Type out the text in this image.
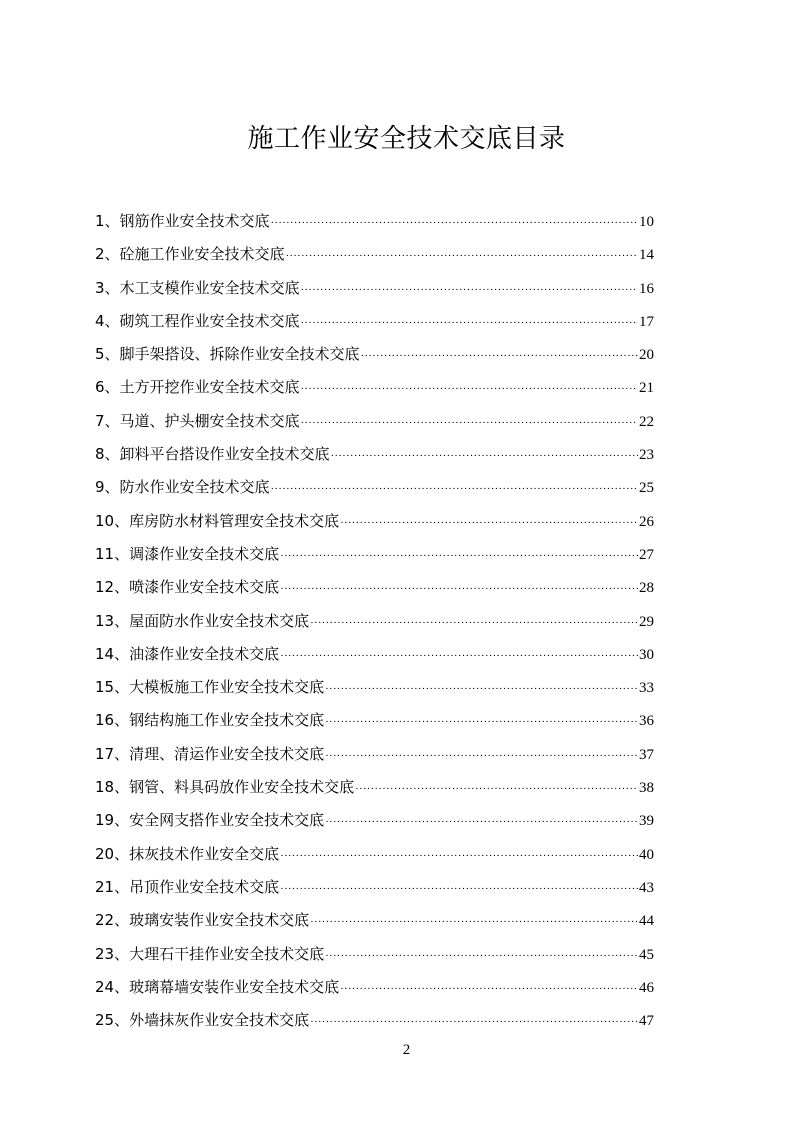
施工作业安全技术交底目录
1、钢筋作业安全技术交底 ·····	10
2、砼施工作业安全技术交底 ·····	14
3、木工支模作业安全技术交底 ·····	16
4、砌筑工程作业安全技术交底 ·····	17
5、脚手架搭设、拆除作业安全技术交底 ·····	20
6、土方开挖作业安全技术交底 ·····	21
7、马道、护头棚安全技术交底 ·····	22
8、卸料平台搭设作业安全技术交底 ·····	23
9、防水作业安全技术交底 ·····	25
10、库房防水材料管理安全技术交底 ·····	26
11、调漆作业安全技术交底 ·····	27
12、喷漆作业安全技术交底 ·····	28
13、屋面防水作业安全技术交底 ·····	29
14、油漆作业安全技术交底 ·····	30
15、大模板施工作业安全技术交底 ·····	33
16、钢结构施工作业安全技术交底 ·····	36
17、清理、清运作业安全技术交底 ·····	37
18、钢管、料具码放作业安全技术交底 ·····	38
19、安全网支搭作业安全技术交底 ·····	39
20、抹灰技术作业安全交底 ·····	40
21、吊顶作业安全技术交底 ·····	43
22、玻璃安装作业安全技术交底 ·····	44
23、大理石干挂作业安全技术交底 ·····	45
24、玻璃幕墙安装作业安全技术交底 ·····	46
25、外墙抹灰作业安全技术交底 ·····	47
2
